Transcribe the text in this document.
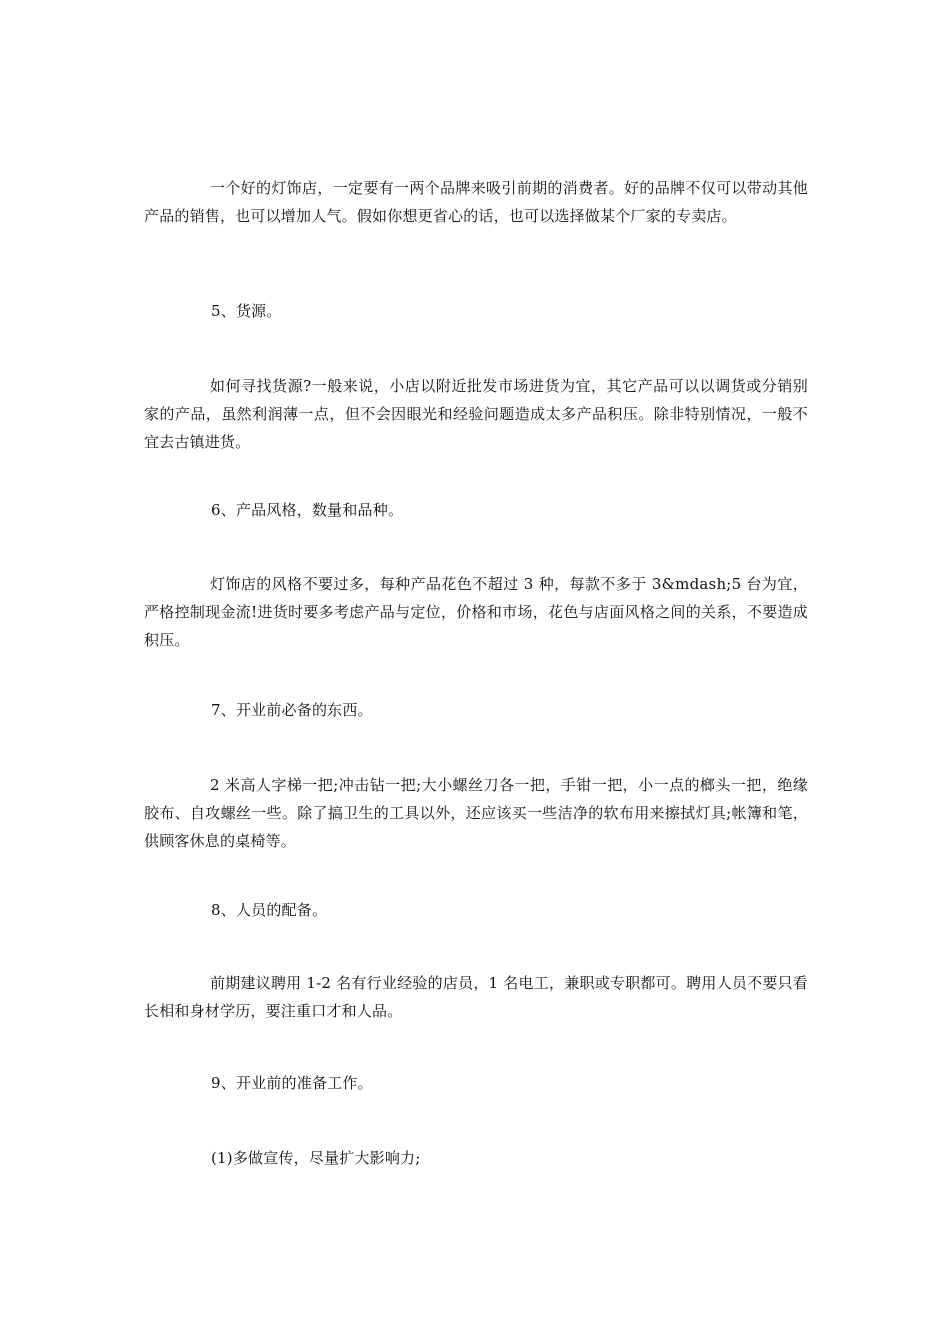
一个好的灯饰店，一定要有一两个品牌来吸引前期的消费者。好的品牌不仅可以带动其他产品的销售，也可以增加人气。假如你想更省心的话，也可以选择做某个厂家的专卖店。

5、货源。

如何寻找货源?一般来说，小店以附近批发市场进货为宜，其它产品可以以调货或分销别家的产品，虽然利润薄一点，但不会因眼光和经验问题造成太多产品积压。除非特别情况，一般不宜去古镇进货。

6、产品风格，数量和品种。

灯饰店的风格不要过多，每种产品花色不超过 3 种，每款不多于 3&mdash;5 台为宜，严格控制现金流!进货时要多考虑产品与定位，价格和市场，花色与店面风格之间的关系，不要造成积压。

7、开业前必备的东西。

2 米高人字梯一把;冲击钻一把;大小螺丝刀各一把，手钳一把，小一点的榔头一把，绝缘胶布、自攻螺丝一些。除了搞卫生的工具以外，还应该买一些洁净的软布用来擦拭灯具;帐簿和笔，供顾客休息的桌椅等。

8、人员的配备。

前期建议聘用 1-2 名有行业经验的店员，1 名电工，兼职或专职都可。聘用人员不要只看长相和身材学历，要注重口才和人品。

9、开业前的准备工作。

(1)多做宣传，尽量扩大影响力;
